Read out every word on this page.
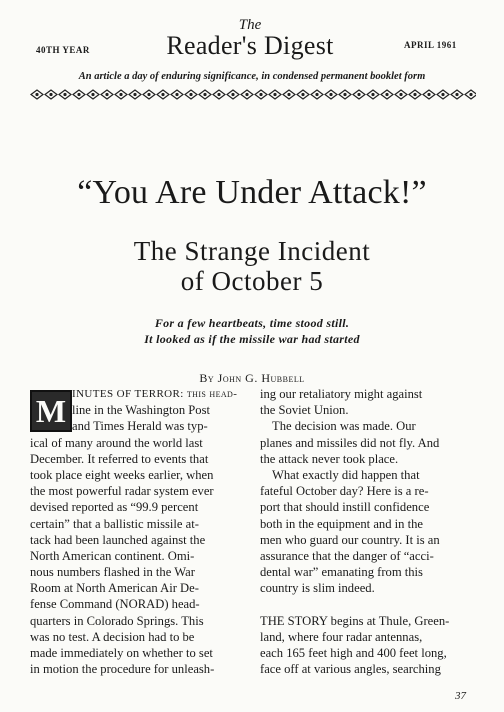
40TH YEAR
The
Reader's Digest	APRIL 1961
An article a day of enduring significance, in condensed permanent booklet form
“You Are Under Attack!”
The Strange Incident
of October 5
For a few heartbeats, time stood still.
It looked as if the missile war had started
By John G. Hubbell
M INUTES OF TERROR: this head-
line in the Washington Post
and Times Herald was typ-
ical of many around the world last
December. It referred to events that
took place eight weeks earlier, when
the most powerful radar system ever
devised reported as “99.9 percent
certain” that a ballistic missile at-
tack had been launched against the
North American continent. Omi-
nous numbers flashed in the War
Room at North American Air De-
fense Command (NORAD) head-
quarters in Colorado Springs. This
was no test. A decision had to be
made immediately on whether to set
in motion the procedure for unleash-
ing our retaliatory might against
the Soviet Union.
The decision was made. Our
planes and missiles did not fly. And
the attack never took place.
What exactly did happen that
fateful October day? Here is a re-
port that should instill confidence
both in the equipment and in the
men who guard our country. It is an
assurance that the danger of “acci-
dental war” emanating from this
country is slim indeed.
THE STORY begins at Thule, Green-
land, where four radar antennas,
each 165 feet high and 400 feet long,
face off at various angles, searching
37
